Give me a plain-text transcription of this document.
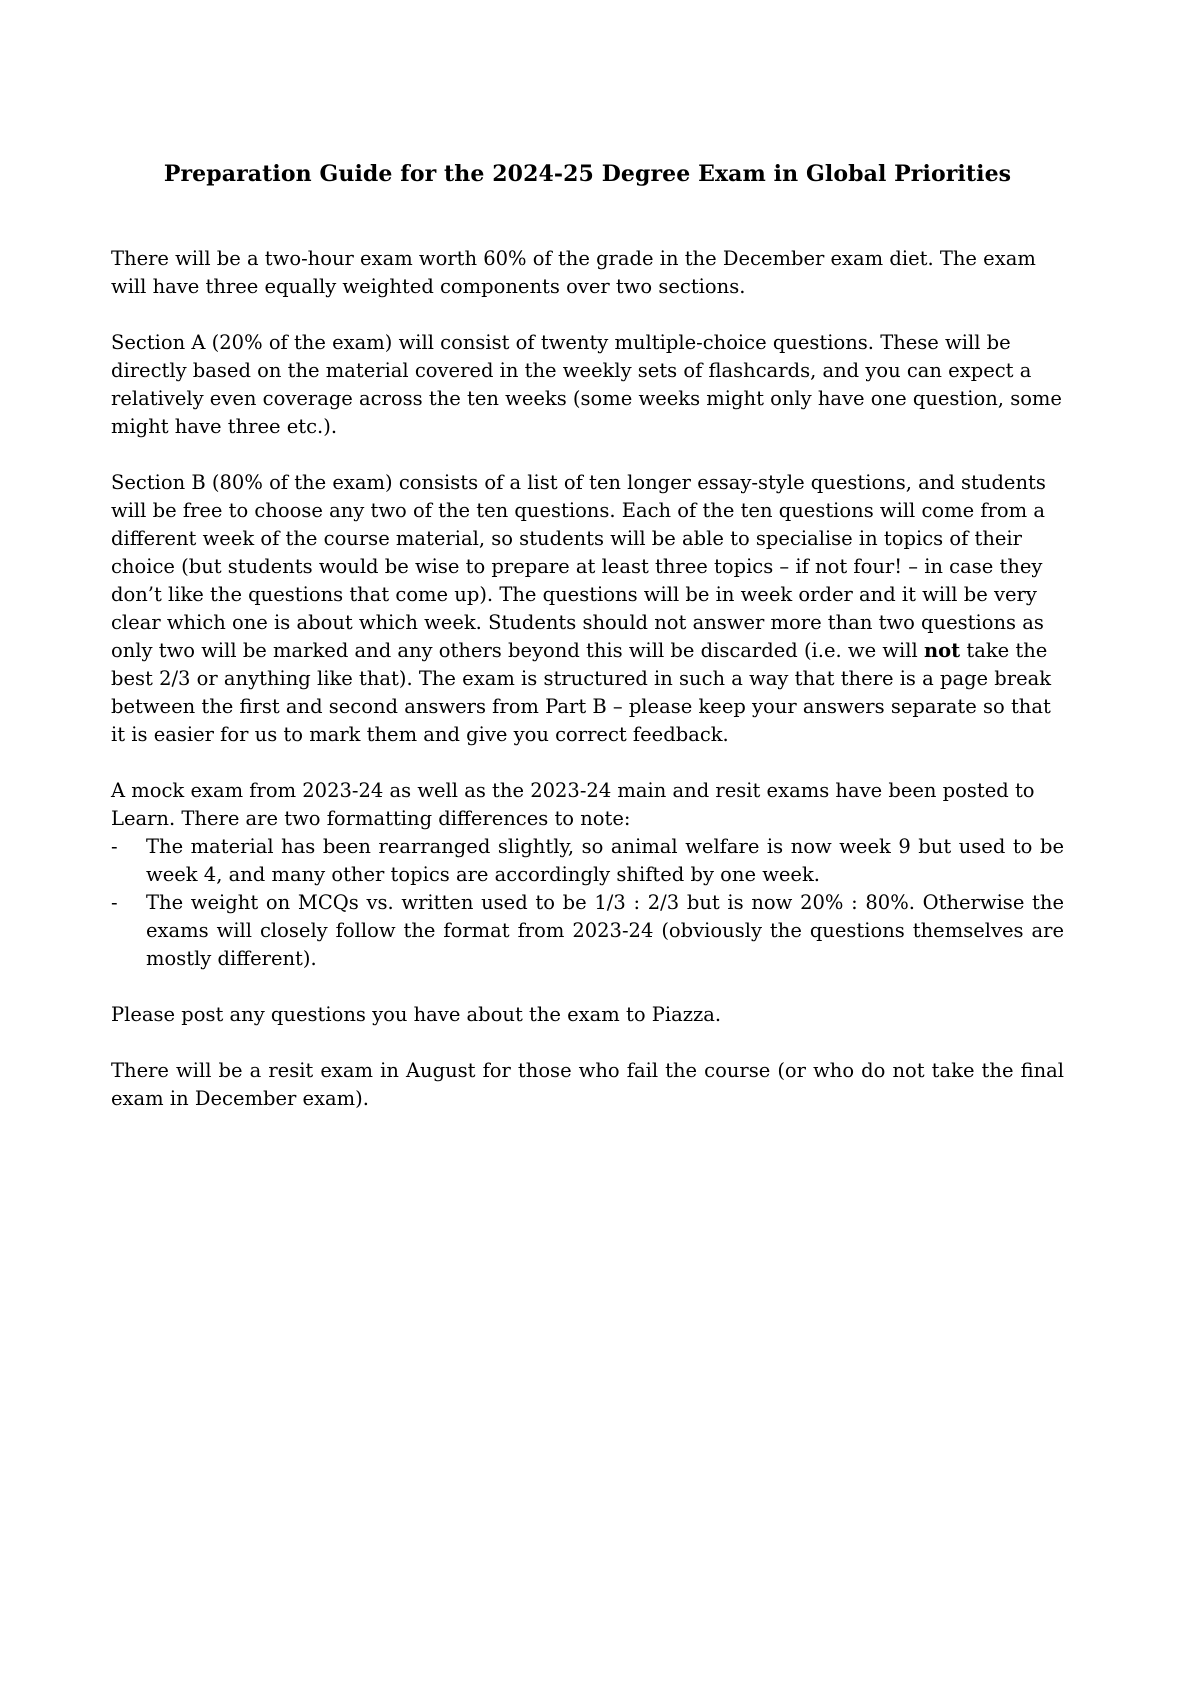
Preparation Guide for the 2024-25 Degree Exam in Global Priorities

There will be a two-hour exam worth 60% of the grade in the December exam diet. The exam will have three equally weighted components over two sections.

Section A (20% of the exam) will consist of twenty multiple-choice questions. These will be directly based on the material covered in the weekly sets of flashcards, and you can expect a relatively even coverage across the ten weeks (some weeks might only have one question, some might have three etc.).

Section B (80% of the exam) consists of a list of ten longer essay-style questions, and students will be free to choose any two of the ten questions. Each of the ten questions will come from a different week of the course material, so students will be able to specialise in topics of their choice (but students would be wise to prepare at least three topics – if not four! – in case they don’t like the questions that come up). The questions will be in week order and it will be very clear which one is about which week. Students should not answer more than two questions as only two will be marked and any others beyond this will be discarded (i.e. we will not take the best 2/3 or anything like that). The exam is structured in such a way that there is a page break between the first and second answers from Part B – please keep your answers separate so that it is easier for us to mark them and give you correct feedback.

A mock exam from 2023-24 as well as the 2023-24 main and resit exams have been posted to Learn. There are two formatting differences to note:

- The material has been rearranged slightly, so animal welfare is now week 9 but used to be week 4, and many other topics are accordingly shifted by one week.
- The weight on MCQs vs. written used to be 1/3 : 2/3 but is now 20% : 80%. Otherwise the exams will closely follow the format from 2023-24 (obviously the questions themselves are mostly different).

Please post any questions you have about the exam to Piazza.

There will be a resit exam in August for those who fail the course (or who do not take the final exam in December exam).
